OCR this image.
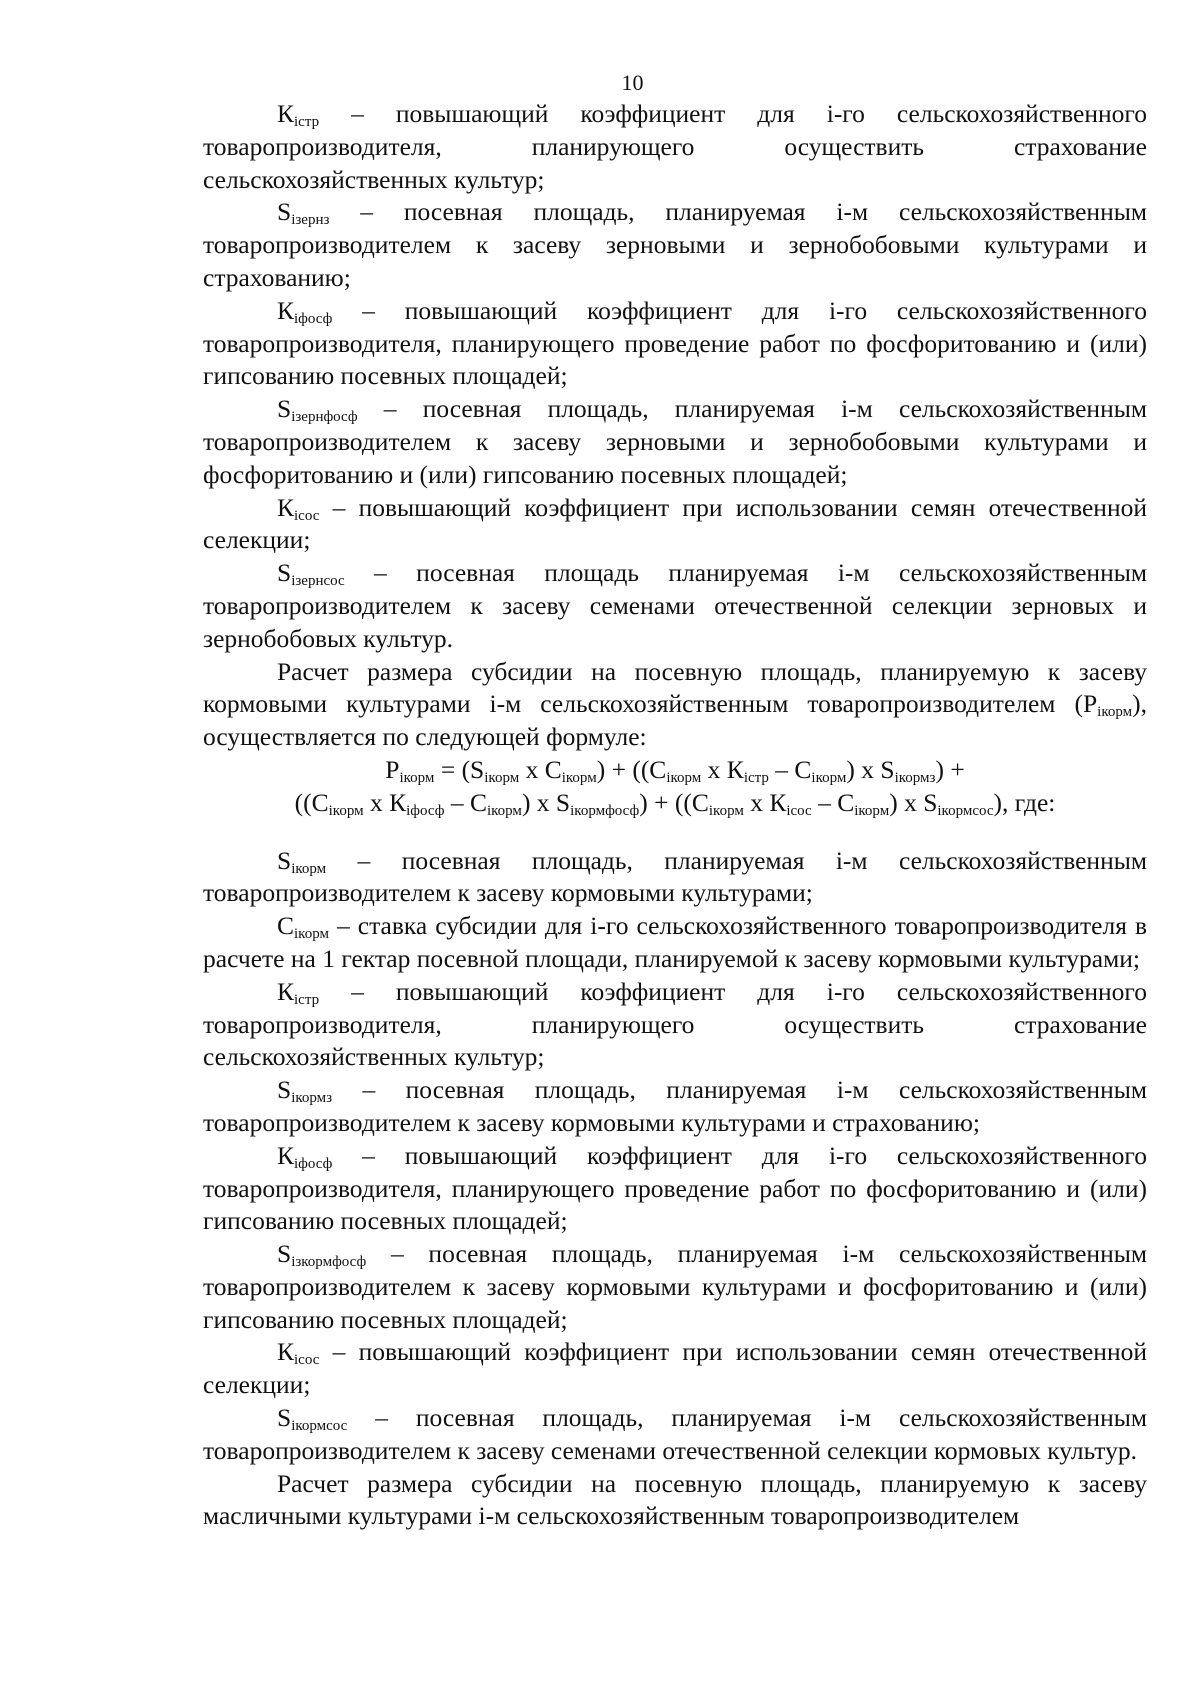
10

$К_{iстр}$ – повышающий коэффициент для i-го сельскохозяйственного товаропроизводителя, планирующего осуществить страхование сельскохозяйственных культур;

$S_{iзернз}$ – посевная площадь, планируемая i-м сельскохозяйственным товаропроизводителем к засеву зерновыми и зернобобовыми культурами и страхованию;

$К_{iфосф}$ – повышающий коэффициент для i-го сельскохозяйственного товаропроизводителя, планирующего проведение работ по фосфоритованию и (или) гипсованию посевных площадей;

$S_{iзернфосф}$ – посевная площадь, планируемая i-м сельскохозяйственным товаропроизводителем к засеву зерновыми и зернобобовыми культурами и фосфоритованию и (или) гипсованию посевных площадей;

$К_{iсос}$ – повышающий коэффициент при использовании семян отечественной селекции;

$S_{iзернсос}$ – посевная площадь планируемая i-м сельскохозяйственным товаропроизводителем к засеву семенами отечественной селекции зерновых и зернобобовых культур.

Расчет размера субсидии на посевную площадь, планируемую к засеву кормовыми культурами i-м сельскохозяйственным товаропроизводителем $(P_{iкорм})$, осуществляется по следующей формуле:

$P_{iкорм} = (S_{iкорм}$ х $C_{iкорм}) + ((C_{iкорм}$ х $К_{iстр} - C_{iкорм}$) х $S_{iкормз}$) +

(($C_{iкорм}$ х $К_{iфосф} - C_{iкорм}$) х $S_{iкормфосф}) + ((C_{iкорм}$ х $К_{iсос} - C_{iкорм}$) х $S_{iкормсос}$), где:

$S_{iкорм}$ – посевная площадь, планируемая i-м сельскохозяйственным товаропроизводителем к засеву кормовыми культурами;

$C_{iкорм}$ – ставка субсидии для i-го сельскохозяйственного товаропроизводителя в расчете на 1 гектар посевной площади, планируемой к засеву кормовыми культурами;

$К_{iстр}$ – повышающий коэффициент для i-го сельскохозяйственного товаропроизводителя, планирующего осуществить страхование сельскохозяйственных культур;

$S_{iкормз}$ – посевная площадь, планируемая i-м сельскохозяйственным товаропроизводителем к засеву кормовыми культурами и страхованию;

$К_{iфосф}$ – повышающий коэффициент для i-го сельскохозяйственного товаропроизводителя, планирующего проведение работ по фосфоритованию и (или) гипсованию посевных площадей;

$S_{iзкормфосф}$ – посевная площадь, планируемая i-м сельскохозяйственным товаропроизводителем к засеву кормовыми культурами и фосфоритованию и (или) гипсованию посевных площадей;

$К_{iсос}$ – повышающий коэффициент при использовании семян отечественной селекции;

$S_{iкормсос}$ – посевная площадь, планируемая i-м сельскохозяйственным товаропроизводителем к засеву семенами отечественной селекции кормовых культур.

Расчет размера субсидии на посевную площадь, планируемую к засеву масличными культурами i-м сельскохозяйственным товаропроизводителем
